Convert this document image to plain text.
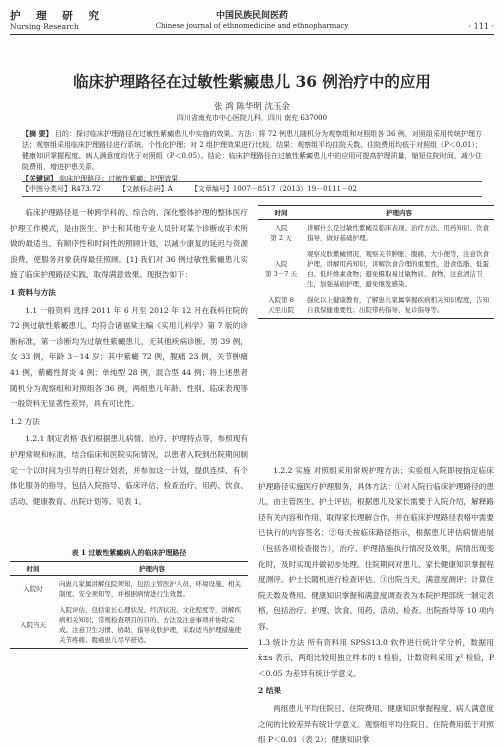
护 理 研 究
Nursing Research
中国民族民间医药
Chinese journal of ethnomedicine and ethnopharmacy	· 111 ·
临床护理路径在过敏性紫癜患儿 36 例治疗中的应用
张 鸿 陈华明 沈玉金
四川省南充市中心医院儿科，四川 南充 637000
【摘 要】 目的：探讨临床护理路径在过敏性紫癜患儿中实施的效果。方法：将 72 例患儿随机分为观察组和对照组各 36 例，对照组采用传统护理方法；观察组采用临床护理路径进行系统、个性化护理；对 2 组护理效果进行比较。结果：观察组平均住院天数、住院费用均低于对照组（P＜0.01）；健康知识掌握程度、病人满意度均优于对照组（P＜0.05）。结论：临床护理路径在过敏性紫癜患儿中的应用可提高护理质量，缩短住院时间，减少住院费用，增进护患关系。
【关键词】 临床护理路径；过敏性紫癜；护理效果
【中图分类号】R473.72	【文献标志码】A	【文章编号】1007－8517（2013）19－0111－02

临床护理路径是一种跨学科的、综合的、深化整体护理的整体医疗护理工作模式，是由医生、护士和其他专业人员针对某个诊断或手术所做的最适当、有顺序性和时间性的照顾计划，以减少康复的延迟与资源浪费，使服务对象获得最佳照顾。[1] 我们对 36 例过敏性紫癜患儿实施了临床护理路径实践，取得满意效果。现报告如下：

1 资料与方法

1.1 一般资料 选择 2011 年 6 月至 2012 年 12 月在我科住院的 72 例过敏性紫癜患儿，均符合诸福棠主编《实用儿科学》第 7 版的诊断标准，第一诊断均为过敏性紫癜患儿，无其他疾病诊断。男 39 例，女 33 例，年龄 3－14 岁；其中紫癜 72 例，腹痛 23 例，关节肿痛 41 例，紫癜性肾炎 4 例；单纯型 28 例，混合型 44 例；将上述患者随机分为观察组和对照组各 36 例，两组患儿年龄、性别、临床表现等一般资料无显著性差异，具有可比性。

1.2 方法

1.2.1 制定表格 我们根据患儿病情、治疗、护理特点等，参照现有护理常规和标准，结合临床和医院实际情况，以患者入院到出院期间制定一个以时间为引导的日程计划表，并参加这一计划，提供连续、有个体化服务的指导，包括入院指导、临床评估、检查治疗、用药、饮食、活动、健康教育、出院计划等。见表 1。

表 1 过敏性紫癜病人的临床护理路径
时间	护理内容
入院时	向患儿家属讲解住院须知，包括主管医护人员、环境设施、相关制度、安全须知等，并根据病情进行生效置。
入院当天	入院评估，包括家长心理状况、经济状况、文化程度等，讲解疾病相关知识，常规检查项目的目的、方法及注意事项并协助完成。注意卫生习惯、协助、指导皮肤护理，采取适当护理措施使关节疼痛、腹痛患儿尽早舒适。
时间	护理内容
入院
第 2 天	讲解什么是过敏性紫癜及临床表现、治疗方法、用药知识、饮食指导，做好基础护理。
入院
第 3－7 天	观察皮肤紫癜情况，观察关节肿胀、腹痛、大小便等，注意饮食护理，讲解用药知识，讲解饮食合理的重要性，进食低脂、低蛋白、低纤维素食物；避免摄取易过敏物质、食物，注意清洁卫生，加强基础护理，避免继发感染。
入院第 8
天至出院	强化以上健康教育，了解患儿家属掌握疾病相关知识程度，告知自我保健重要性；出院带药指导、复诊指导等。

1.2.2 实施 对照组采用常规护理方法；实验组入院即按指定临床护理路径实施医疗护理服务，具体方法：①对入院行临床护理路径的患儿，由主管医生、护士评估，根据患儿及家长需要于入院介绍，解释路径有关内容和作用，取得家长理解合作，并在临床护理路径表格中需要已执行的内容签名；②每天按临床路径指示，根据患儿评估病情进展（包括各项检查报告），治疗、护理措施执行情况及效果，病情出现变化时，及时实现并做初步处理。住院期间对患儿、家长健康知识掌握程度测评。护士长随机进行检查评估。③出院当天，满意度测评；计算住院天数及费用。健康知识掌握和满意度调查表为本院护理部统一制定表格，包括治疗、护理、饮食、用药、活动、检查、出院指导等 10 项内容。

1.3 统计方法 所有资料用 SPSS13.0 软件进行统计学分析，数据用 x̄±s 表示，两组比较用独立样本的 t 检验，计数资料采用 χ² 检验，P＜0.05 为差异有统计学意义。

2 结果

两组患儿平均住院日、住院费用、健康知识掌握程度、病人满意度之间的比较差异有统计学意义。观察组平均住院日、住院费用低于对照组 P＜0.01（表 2）；健康知识掌
